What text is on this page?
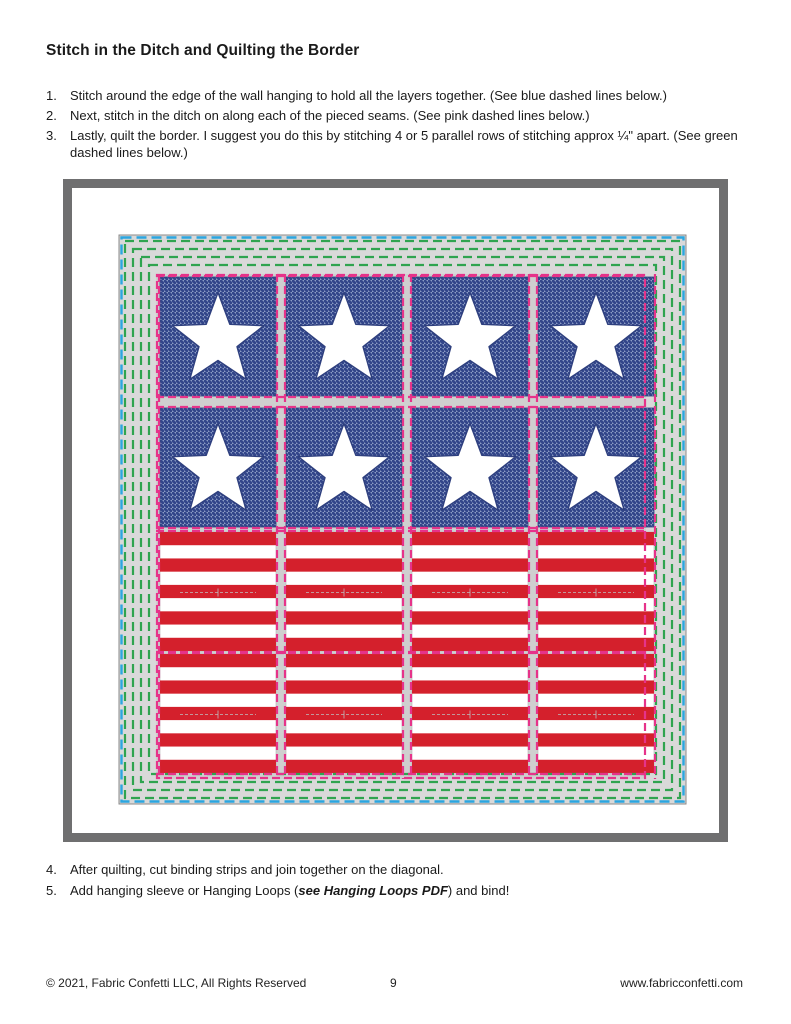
Stitch in the Ditch and Quilting the Border
1. Stitch around the edge of the wall hanging to hold all the layers together. (See blue dashed lines below.)
2. Next, stitch in the ditch on along each of the pieced seams. (See pink dashed lines below.)
3. Lastly, quilt the border. I suggest you do this by stitching 4 or 5 parallel rows of stitching approx ¼" apart. (See green dashed lines below.)
4. After quilting, cut binding strips and join together on the diagonal.
5. Add hanging sleeve or Hanging Loops (see Hanging Loops PDF) and bind!
© 2021, Fabric Confetti LLC, All Rights Reserved	9	www.fabricconfetti.com
